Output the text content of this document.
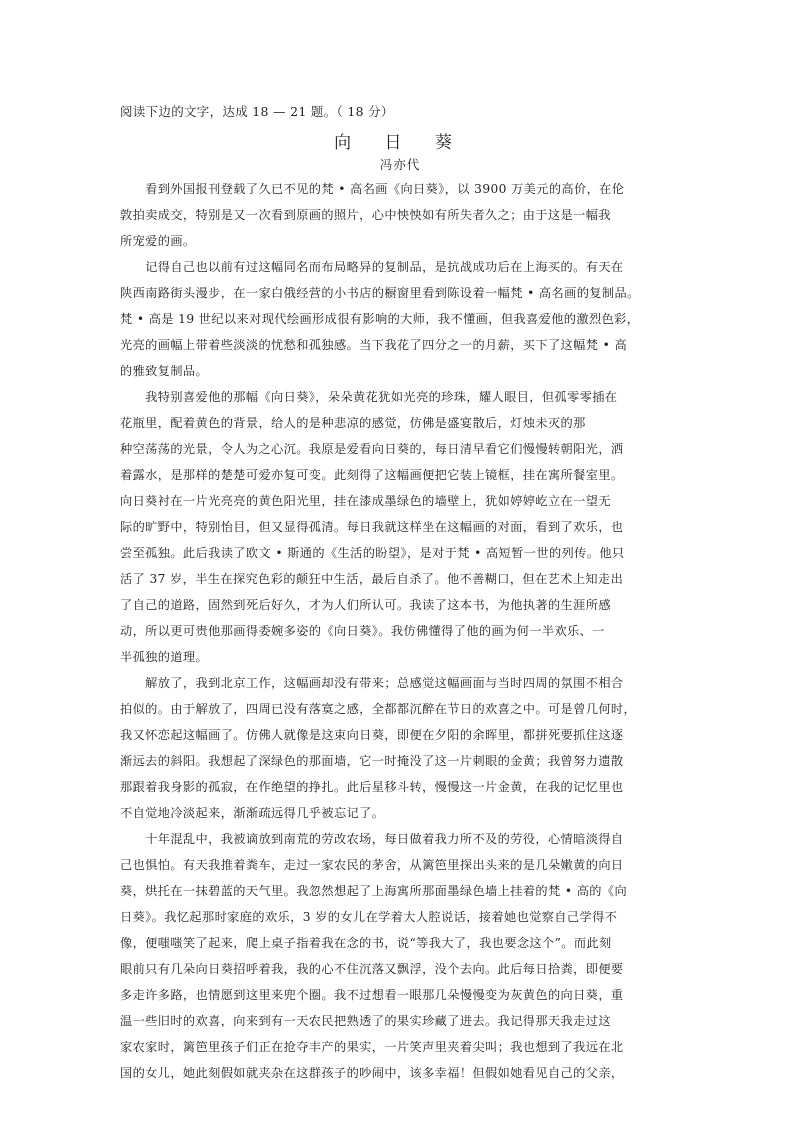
阅读下边的文字，达成 18 — 21 题。（ 18 分）
向 日 葵
冯亦代
　　看到外国报刊登载了久已不见的梵 • 高名画《向日葵》，以 3900 万美元的高价，在伦
敦拍卖成交，特别是又一次看到原画的照片，心中怏怏如有所失者久之；由于这是一幅我
所宠爱的画。
　　记得自己也以前有过这幅同名而布局略异的复制品，是抗战成功后在上海买的。有天在
陕西南路街头漫步，在一家白俄经营的小书店的橱窗里看到陈设着一幅梵 • 高名画的复制品。
梵 • 高是 19 世纪以来对现代绘画形成很有影响的大师，我不懂画，但我喜爱他的激烈色彩，
光亮的画幅上带着些淡淡的忧愁和孤独感。当下我花了四分之一的月薪，买下了这幅梵 • 高
的雅致复制品。
　　我特别喜爱他的那幅《向日葵》，朵朵黄花犹如光亮的珍珠，耀人眼目，但孤零零插在
花瓶里，配着黄色的背景，给人的是种悲凉的感觉，仿佛是盛宴散后，灯烛未灭的那
种空荡荡的光景，令人为之心沉。我原是爱看向日葵的，每日清早看它们慢慢转朝阳光，洒
着露水，是那样的楚楚可爱亦复可变。此刻得了这幅画便把它装上镜框，挂在寓所餐室里。
向日葵衬在一片光亮亮的黄色阳光里，挂在漆成墨绿色的墙壁上，犹如婷婷屹立在一望无
际的旷野中，特别怡目，但又显得孤清。每日我就这样坐在这幅画的对面，看到了欢乐，也
尝至孤独。此后我读了欧文 • 斯通的《生活的盼望》，是对于梵 • 高短暂一世的列传。他只
活了 37 岁，半生在探究色彩的颠狂中生活，最后自杀了。他不善糊口，但在艺术上知走出
了自己的道路，固然到死后好久，才为人们所认可。我读了这本书，为他执著的生涯所感
动，所以更可贵他那画得委婉多姿的《向日葵》。我仿佛懂得了他的画为何一半欢乐、一
半孤独的道理。
　　解放了，我到北京工作，这幅画却没有带来；总感觉这幅画面与当时四周的氛围不相合
拍似的。由于解放了，四周已没有落寞之感，全都都沉醉在节日的欢喜之中。可是曾几何时，
我又怀恋起这幅画了。仿佛人就像是这束向日葵，即便在夕阳的余晖里，都拼死要抓住这逐
渐远去的斜阳。我想起了深绿色的那面墙，它一时掩没了这一片刺眼的金黄；我曾努力遗散
那跟着我身影的孤寂，在作绝望的挣扎。此后星移斗转，慢慢这一片金黄，在我的记忆里也
不自觉地冷淡起来，渐渐疏远得几乎被忘记了。
　　十年混乱中，我被谪放到南荒的劳改农场，每日做着我力所不及的劳役，心情暗淡得自
己也惧怕。有天我推着粪车，走过一家农民的茅舍，从篱笆里探出头来的是几朵嫩黄的向日
葵，烘托在一抹碧蓝的天气里。我忽然想起了上海寓所那面墨绿色墙上挂着的梵 • 高的《向
日葵》。我忆起那时家庭的欢乐，3 岁的女儿在学着大人腔说话，接着她也觉察自己学得不
像，便嗤嗤笑了起来，爬上桌子指着我在念的书，说“等我大了，我也要念这个”。而此刻
眼前只有几朵向日葵招呼着我，我的心不住沉落又飘浮，没个去向。此后每日拾粪，即便要
多走许多路，也情愿到这里来兜个圈。我不过想看一眼那几朵慢慢变为灰黄色的向日葵，重
温一些旧时的欢喜，向来到有一天农民把熟透了的果实珍藏了进去。我记得那天我走过这
家农家时，篱笆里孩子们正在抢夺丰产的果实，一片笑声里夹着尖叫；我也想到了我远在北
国的女儿，她此刻假如就夹杂在这群孩子的吵闹中，该多幸福！但假如她看见自己的父亲，
